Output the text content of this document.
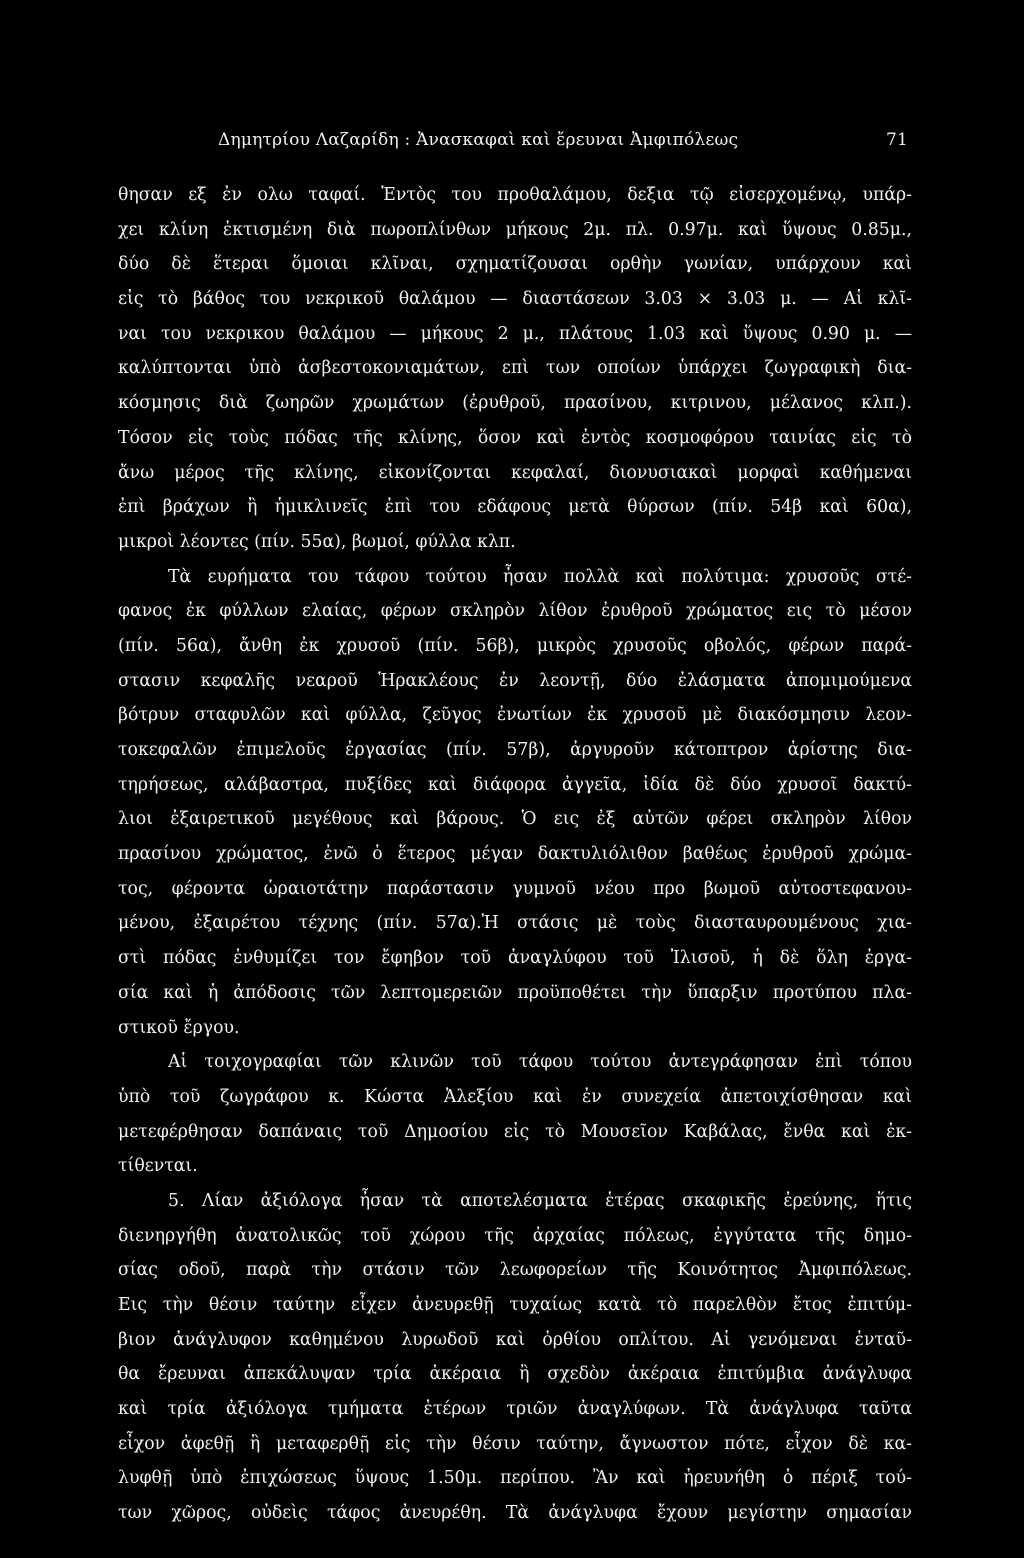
Δημητρίου Λαζαρίδη : Ἀνασκαφαὶ καὶ ἔρευναι Ἀμφιπόλεως	71
θησαν εξ ἐν ολω ταφαί. Ἐντὸς του προθαλάμου, δεξια τῷ εἰσερχομένῳ, υπάρ-
χει κλίνη ἐκτισμένη διὰ πωροπλίνθων μήκους 2μ. πλ. 0.97μ. καὶ ὕψους 0.85μ.,
δύο δὲ ἕτεραι ὅμοιαι κλῖναι, σχηματίζουσαι ορθὴν γωνίαν, υπάρχουν καὶ
εἰς τὸ βάθος του νεκρικοῦ θαλάμου — διαστάσεων 3.03 × 3.03 μ. — Αἱ κλῖ-
ναι του νεκρικου θαλάμου — μήκους 2 μ., πλάτους 1.03 καὶ ὕψους 0.90 μ. —
καλύπτονται ὑπὸ ἀσβεστοκονιαμάτων, επὶ των οποίων ὑπάρχει ζωγραφικὴ δια-
κόσμησις διὰ ζωηρῶν χρωμάτων (ἐρυθροῦ, πρασίνου, κιτρινου, μέλανος κλπ.).
Τόσον εἰς τοὺς πόδας τῆς κλίνης, ὅσον καὶ ἐντὸς κοσμοφόρου ταινίας εἰς τὸ
ἄνω μέρος τῆς κλίνης, εἰκονίζονται κεφαλαί, διονυσιακαὶ μορφαὶ καθήμεναι
ἐπὶ βράχων ἢ ἡμικλινεῖς ἐπὶ του εδάφους μετὰ θύρσων (πίν. 54β καὶ 60α),
μικροὶ λέοντες (πίν. 55α), βωμοί, φύλλα κλπ.
Τὰ ευρήματα του τάφου τούτου ἦσαν πολλὰ καὶ πολύτιμα: χρυσοῦς στέ-
φανος ἐκ φύλλων ελαίας, φέρων σκληρὸν λίθον ἐρυθροῦ χρώματος εις τὸ μέσον
(πίν. 56α), ἄνθη ἐκ χρυσοῦ (πίν. 56β), μικρὸς χρυσοῦς οβολός, φέρων παρά-
στασιν κεφαλῆς νεαροῦ Ἡρακλέους ἐν λεοντῇ, δύο ἐλάσματα ἀπομιμούμενα
βότρυν σταφυλῶν καὶ φύλλα, ζεῦγος ἐνωτίων ἐκ χρυσοῦ μὲ διακόσμησιν λεον-
τοκεφαλῶν ἐπιμελοῦς ἐργασίας (πίν. 57β), ἀργυροῦν κάτοπτρον ἀρίστης δια-
τηρήσεως, αλάβαστρα, πυξίδες καὶ διάφορα ἀγγεῖα, ἰδία δὲ δύο χρυσοῖ δακτύ-
λιοι ἐξαιρετικοῦ μεγέθους καὶ βάρους. Ὁ εις ἐξ αὐτῶν φέρει σκληρὸν λίθον
πρασίνου χρώματος, ἐνῶ ὁ ἕτερος μέγαν δακτυλιόλιθον βαθέως ἐρυθροῦ χρώμα-
τος, φέροντα ὡραιοτάτην παράστασιν γυμνοῦ νέου προ βωμοῦ αὐτοστεφανου-
μένου, ἐξαιρέτου τέχνης (πίν. 57α).Ἡ στάσις μὲ τοὺς διασταυρουμένους χια-
στὶ πόδας ἐνθυμίζει τον ἔφηβον τοῦ ἀναγλύφου τοῦ Ἰλισοῦ, ἡ δὲ ὅλη ἐργα-
σία καὶ ἡ ἀπόδοσις τῶν λεπτομερειῶν προϋποθέτει τὴν ὕπαρξιν προτύπου πλα-
στικοῦ ἔργου.
Αἱ τοιχογραφίαι τῶν κλινῶν τοῦ τάφου τούτου ἀντεγράφησαν ἐπὶ τόπου
ὑπὸ τοῦ ζωγράφου κ. Κώστα Ἀλεξίου καὶ ἐν συνεχεία ἀπετοιχίσθησαν καὶ
μετεφέρθησαν δαπάναις τοῦ Δημοσίου εἰς τὸ Μουσεῖον Καβάλας, ἔνθα καὶ ἐκ-
τίθενται.
5. Λίαν ἀξιόλογα ἦσαν τὰ αποτελέσματα ἑτέρας σκαφικῆς ἐρεύνης, ἥτις
διενηργήθη ἀνατολικῶς τοῦ χώρου τῆς ἀρχαίας πόλεως, ἐγγύτατα τῆς δημο-
σίας οδοῦ, παρὰ τὴν στάσιν τῶν λεωφορείων τῆς Κοινότητος Ἀμφιπόλεως.
Εις τὴν θέσιν ταύτην εἶχεν ἀνευρεθῇ τυχαίως κατὰ τὸ παρελθὸν ἔτος ἐπιτύμ-
βιον ἀνάγλυφον καθημένου λυρωδοῦ καὶ ὀρθίου οπλίτου. Αἱ γενόμεναι ἐνταῦ-
θα ἔρευναι ἀπεκάλυψαν τρία ἀκέραια ἢ σχεδὸν ἀκέραια ἐπιτύμβια ἀνάγλυφα
καὶ τρία ἀξιόλογα τμήματα ἑτέρων τριῶν ἀναγλύφων. Τὰ ἀνάγλυφα ταῦτα
εἶχον ἀφεθῇ ἢ μεταφερθῇ εἰς τὴν θέσιν ταύτην, ἄγνωστον πότε, εἶχον δὲ κα-
λυφθῇ ὑπὸ ἐπιχώσεως ὕψους 1.50μ. περίπου. Ἂν καὶ ἠρευνήθη ὁ πέριξ τού-
των χῶρος, οὐδεὶς τάφος ἀνευρέθη. Τὰ ἀνάγλυφα ἔχουν μεγίστην σημασίαν
